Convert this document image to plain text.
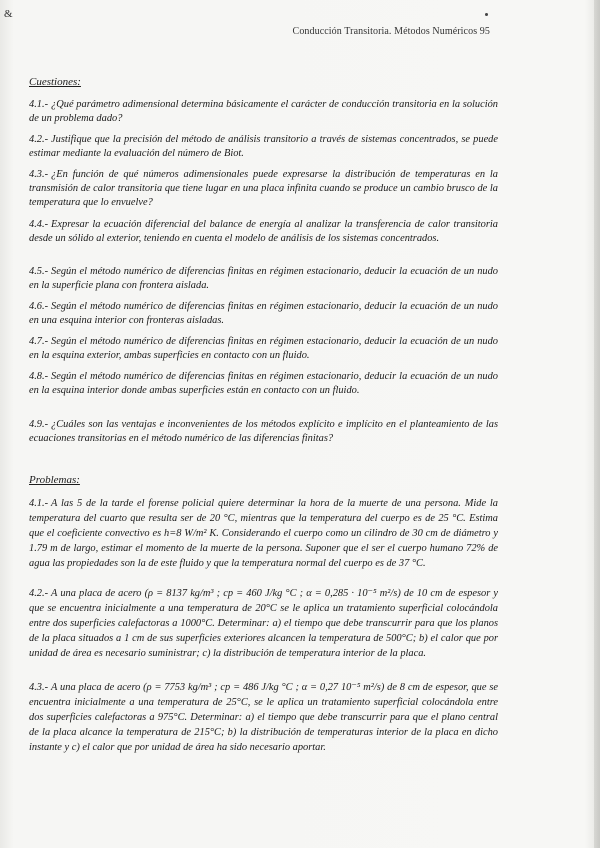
&
Conducción Transitoria. Métodos Numéricos 95
Cuestiones:
4.1.- ¿Qué parámetro adimensional determina básicamente el carácter de conducción transitoria en la solución de un problema dado?
4.2.- Justifique que la precisión del método de análisis transitorio a través de sistemas concentrados, se puede estimar mediante la evaluación del número de Biot.
4.3.- ¿En función de qué números adimensionales puede expresarse la distribución de temperaturas en la transmisión de calor transitoria que tiene lugar en una placa infinita cuando se produce un cambio brusco de la temperatura que lo envuelve?
4.4.- Expresar la ecuación diferencial del balance de energía al analizar la transferencia de calor transitoria desde un sólido al exterior, teniendo en cuenta el modelo de análisis de los sistemas concentrados.
4.5.- Según el método numérico de diferencias finitas en régimen estacionario, deducir la ecuación de un nudo en la superficie plana con frontera aislada.
4.6.- Según el método numérico de diferencias finitas en régimen estacionario, deducir la ecuación de un nudo en una esquina interior con fronteras aisladas.
4.7.- Según el método numérico de diferencias finitas en régimen estacionario, deducir la ecuación de un nudo en la esquina exterior, ambas superficies en contacto con un fluido.
4.8.- Según el método numérico de diferencias finitas en régimen estacionario, deducir la ecuación de un nudo en la esquina interior donde ambas superficies están en contacto con un fluido.
4.9.- ¿Cuáles son las ventajas e inconvenientes de los métodos explícito e implícito en el planteamiento de las ecuaciones transitorias en el método numérico de las diferencias finitas?
Problemas:
4.1.- A las 5 de la tarde el forense policial quiere determinar la hora de la muerte de una persona. Mide la temperatura del cuarto que resulta ser de 20 °C, mientras que la temperatura del cuerpo es de 25 °C. Estima que el coeficiente convectivo es h=8 W/m² K. Considerando el cuerpo como un cilindro de 30 cm de diámetro y 1.79 m de largo, estimar el momento de la muerte de la persona. Suponer que el ser el cuerpo humano 72% de agua las propiedades son la de este fluido y que la temperatura normal del cuerpo es de 37 °C.
4.2.- A una placa de acero (ρ = 8137 kg/m³ ; cp = 460 J/kg °C ; α = 0,285 · 10⁻⁵ m²/s) de 10 cm de espesor y que se encuentra inicialmente a una temperatura de 20°C se le aplica un tratamiento superficial colocándola entre dos superficies calefactoras a 1000°C. Determinar: a) el tiempo que debe transcurrir para que los planos de la placa situados a 1 cm de sus superficies exteriores alcancen la temperatura de 500°C; b) el calor que por unidad de área es necesario suministrar; c) la distribución de temperatura interior de la placa.
4.3.- A una placa de acero (ρ = 7753 kg/m³ ; cp = 486 J/kg °C ; α = 0,27 10⁻⁵ m²/s) de 8 cm de espesor, que se encuentra inicialmente a una temperatura de 25°C, se le aplica un tratamiento superficial colocándola entre dos superficies calefactoras a 975°C. Determinar: a) el tiempo que debe transcurrir para que el plano central de la placa alcance la temperatura de 215°C; b) la distribución de temperaturas interior de la placa en dicho instante y c) el calor que por unidad de área ha sido necesario aportar.
